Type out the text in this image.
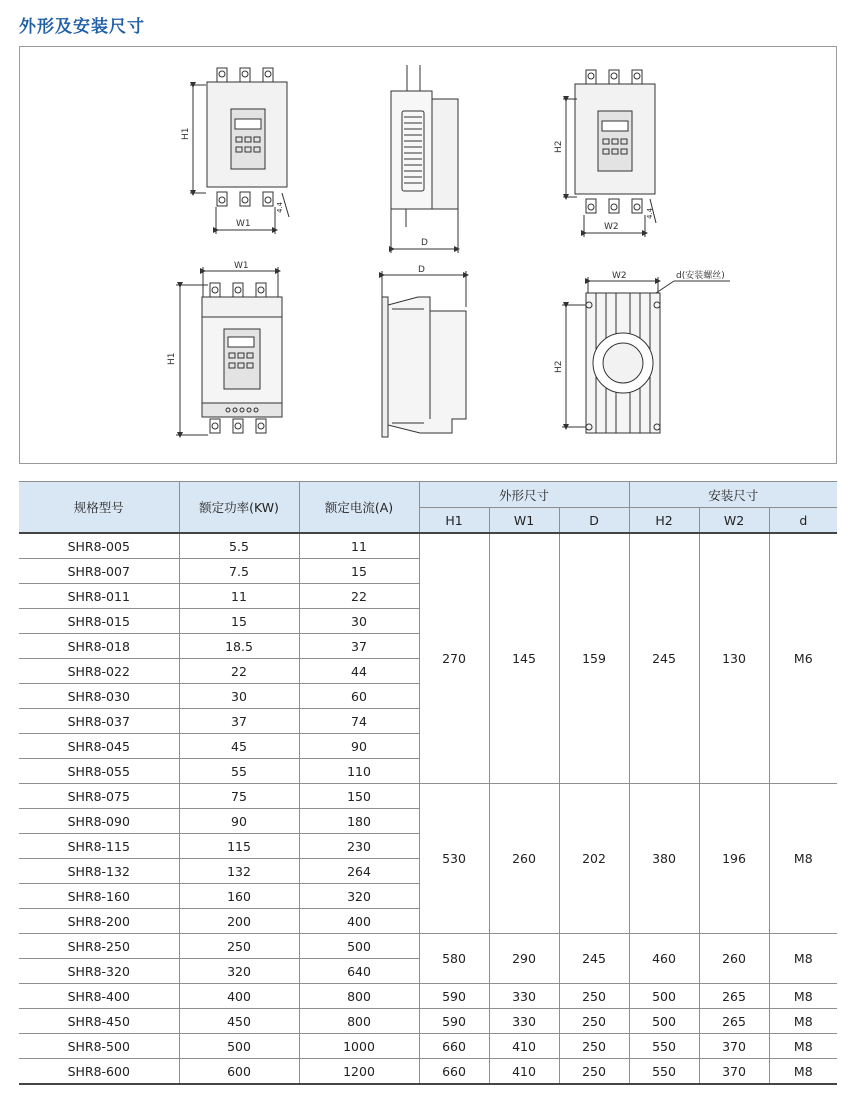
外形及安装尺寸
H1
W1
4.4
D
H2
W2
4.4
W1
H1
D
W2	d(安装螺丝)
H2
规格型号	额定功率(KW)	额定电流(A)	外形尺寸			安装尺寸		
			H1	W1	D	H2	W2	d
SHR8-005	5.5	11	270	145	159	245	130	M6
SHR8-007	7.5	15						
SHR8-011	11	22						
SHR8-015	15	30						
SHR8-018	18.5	37						
SHR8-022	22	44						
SHR8-030	30	60						
SHR8-037	37	74						
SHR8-045	45	90						
SHR8-055	55	110						
SHR8-075	75	150	530	260	202	380	196	M8
SHR8-090	90	180						
SHR8-115	115	230						
SHR8-132	132	264						
SHR8-160	160	320						
SHR8-200	200	400						
SHR8-250	250	500	580	290	245	460	260	M8
SHR8-320	320	640						
SHR8-400	400	800	590	330	250	500	265	M8
SHR8-450	450	800	590	330	250	500	265	M8
SHR8-500	500	1000	660	410	250	550	370	M8
SHR8-600	600	1200	660	410	250	550	370	M8
